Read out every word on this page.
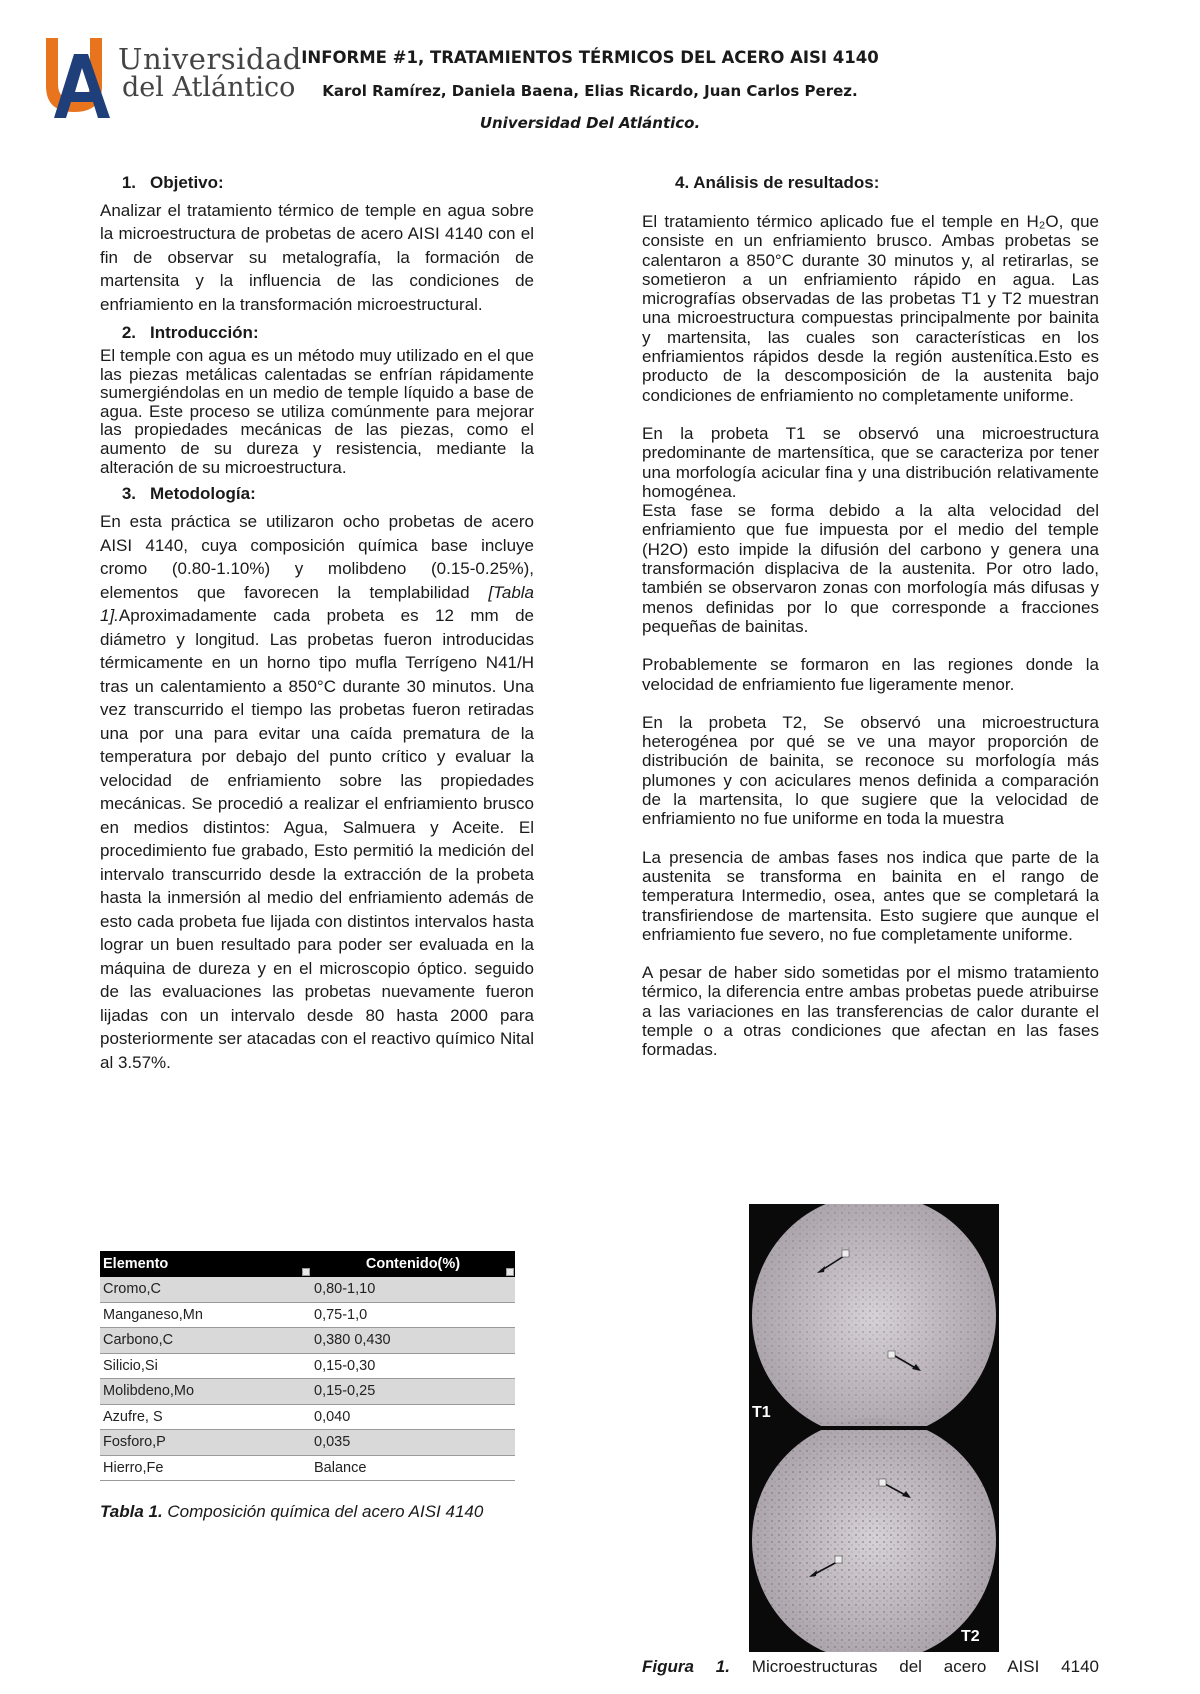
Universidad
del Atlántico
INFORME #1, TRATAMIENTOS TÉRMICOS DEL ACERO AISI 4140
Karol Ramírez, Daniela Baena, Elias Ricardo, Juan Carlos Perez.
Universidad Del Atlántico.
1. Objetivo:

Analizar el tratamiento térmico de temple en agua sobre la microestructura de probetas de acero AISI 4140 con el fin de observar su metalografía, la formación de martensita y la influencia de las condiciones de enfriamiento en la transformación microestructural.

2. Introducción:

El temple con agua es un método muy utilizado en el que las piezas metálicas calentadas se enfrían rápidamente sumergiéndolas en un medio de temple líquido a base de agua. Este proceso se utiliza comúnmente para mejorar las propiedades mecánicas de las piezas, como el aumento de su dureza y resistencia, mediante la alteración de su microestructura.

3. Metodología:

En esta práctica se utilizaron ocho probetas de acero AISI 4140, cuya composición química base incluye cromo (0.80-1.10%) y molibdeno (0.15-0.25%), elementos que favorecen la templabilidad [Tabla 1].Aproximadamente cada probeta es 12 mm de diámetro y longitud. Las probetas fueron introducidas térmicamente en un horno tipo mufla Terrígeno N41/H tras un calentamiento a 850°C durante 30 minutos. Una vez transcurrido el tiempo las probetas fueron retiradas una por una para evitar una caída prematura de la temperatura por debajo del punto crítico y evaluar la velocidad de enfriamiento sobre las propiedades mecánicas. Se procedió a realizar el enfriamiento brusco en medios distintos: Agua, Salmuera y Aceite. El procedimiento fue grabado, Esto permitió la medición del intervalo transcurrido desde la extracción de la probeta hasta la inmersión al medio del enfriamiento además de esto cada probeta fue lijada con distintos intervalos hasta lograr un buen resultado para poder ser evaluada en la máquina de dureza y en el microscopio óptico. seguido de las evaluaciones las probetas nuevamente fueron lijadas con un intervalo desde 80 hasta 2000 para posteriormente ser atacadas con el reactivo químico Nital al 3.57%.

Elemento	Contenido(%)

Cromo,C	0,80-1,10
Manganeso,Mn	0,75-1,0
Carbono,C	0,380 0,430
Silicio,Si	0,15-0,30
Molibdeno,Mo	0,15-0,25
Azufre, S	0,040
Fosforo,P	0,035
Hierro,Fe	Balance
Tabla 1. Composición química del acero AISI 4140
4. Análisis de resultados:

El tratamiento térmico aplicado fue el temple en H₂O, que consiste en un enfriamiento brusco. Ambas probetas se calentaron a 850°C durante 30 minutos y, al retirarlas, se sometieron a un enfriamiento rápido en agua. Las micrografías observadas de las probetas T1 y T2 muestran una microestructura compuestas principalmente por bainita y martensita, las cuales son características en los enfriamientos rápidos desde la región austenítica.Esto es producto de la descomposición de la austenita bajo condiciones de enfriamiento no completamente uniforme.

En la probeta T1 se observó una microestructura predominante de martensítica, que se caracteriza por tener una morfología acicular fina y una distribución relativamente homogénea.

Esta fase se forma debido a la alta velocidad del enfriamiento que fue impuesta por el medio del temple (H2O) esto impide la difusión del carbono y genera una transformación displaciva de la austenita. Por otro lado, también se observaron zonas con morfología más difusas y menos definidas por lo que corresponde a fracciones pequeñas de bainitas.

Probablemente se formaron en las regiones donde la velocidad de enfriamiento fue ligeramente menor.

En la probeta T2, Se observó una microestructura heterogénea por qué se ve una mayor proporción de distribución de bainita, se reconoce su morfología más plumones y con aciculares menos definida a comparación de la martensita, lo que sugiere que la velocidad de enfriamiento no fue uniforme en toda la muestra

La presencia de ambas fases nos indica que parte de la austenita se transforma en bainita en el rango de temperatura Intermedio, osea, antes que se completará la transfiriendose de martensita. Esto sugiere que aunque el enfriamiento fue severo, no fue completamente uniforme.

A pesar de haber sido sometidas por el mismo tratamiento térmico, la diferencia entre ambas probetas puede atribuirse a las variaciones en las transferencias de calor durante el temple o a otras condiciones que afectan en las fases formadas.

T1
T2
Figura 1. Microestructuras del acero AISI 4140
